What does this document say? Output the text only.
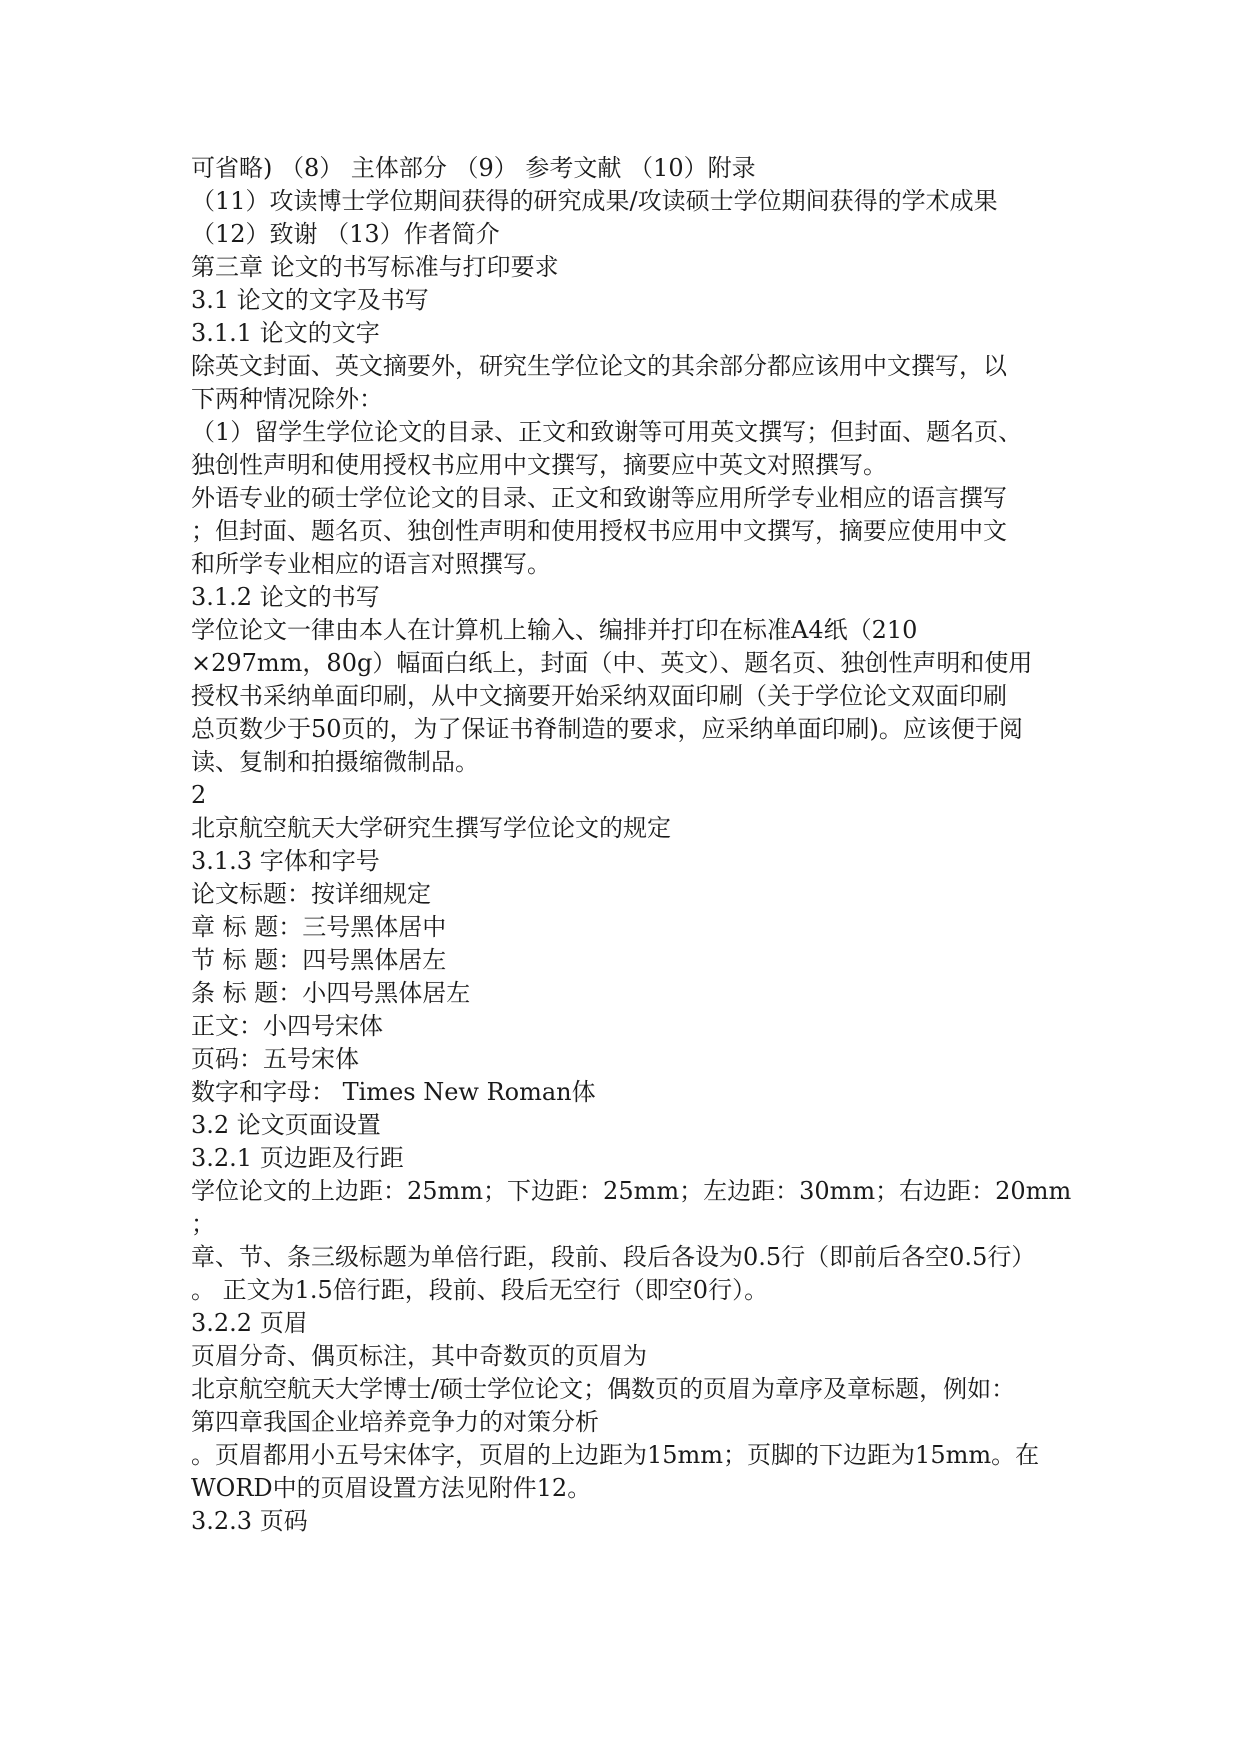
可省略) （8） 主体部分 （9） 参考文献 （10）附录
（11）攻读博士学位期间获得的研究成果/攻读硕士学位期间获得的学术成果
（12）致谢 （13）作者简介
第三章 论文的书写标准与打印要求
3.1 论文的文字及书写
3.1.1 论文的文字
除英文封面、英文摘要外，研究生学位论文的其余部分都应该用中文撰写，以
下两种情况除外：
（1）留学生学位论文的目录、正文和致谢等可用英文撰写；但封面、题名页、
独创性声明和使用授权书应用中文撰写，摘要应中英文对照撰写。
外语专业的硕士学位论文的目录、正文和致谢等应用所学专业相应的语言撰写
；但封面、题名页、独创性声明和使用授权书应用中文撰写，摘要应使用中文
和所学专业相应的语言对照撰写。
3.1.2 论文的书写
学位论文一律由本人在计算机上输入、编排并打印在标准A4纸（210
×297mm，80g）幅面白纸上，封面（中、英文）、题名页、独创性声明和使用
授权书采纳单面印刷，从中文摘要开始采纳双面印刷（关于学位论文双面印刷
总页数少于50页的，为了保证书脊制造的要求，应采纳单面印刷)。应该便于阅
读、复制和拍摄缩微制品。
2
北京航空航天大学研究生撰写学位论文的规定
3.1.3 字体和字号
论文标题：按详细规定
章 标 题：三号黑体居中
节 标 题：四号黑体居左
条 标 题：小四号黑体居左
正文：小四号宋体
页码：五号宋体
数字和字母： Times New Roman体
3.2 论文页面设置
3.2.1 页边距及行距
学位论文的上边距：25mm；下边距：25mm；左边距：30mm；右边距：20mm
；
章、节、条三级标题为单倍行距，段前、段后各设为0.5行（即前后各空0.5行）
。 正文为1.5倍行距，段前、段后无空行（即空0行）。
3.2.2 页眉
页眉分奇、偶页标注，其中奇数页的页眉为
北京航空航天大学博士/硕士学位论文；偶数页的页眉为章序及章标题，例如：
第四章我国企业培养竞争力的对策分析
。页眉都用小五号宋体字，页眉的上边距为15mm；页脚的下边距为15mm。在
WORD中的页眉设置方法见附件12。
3.2.3 页码
